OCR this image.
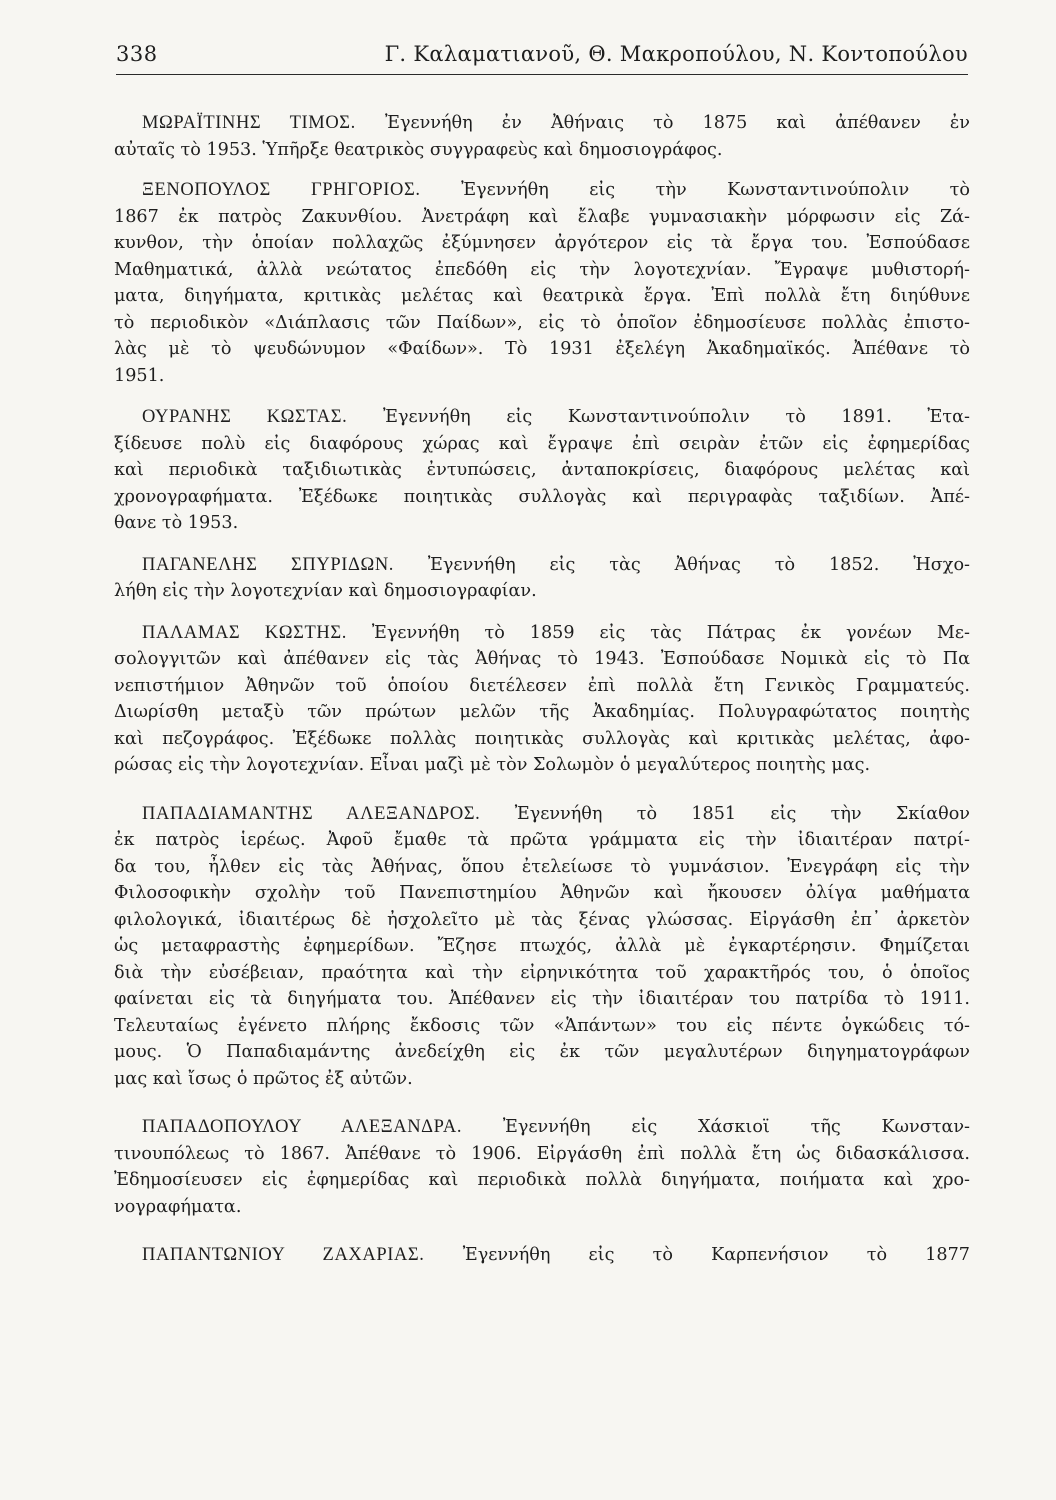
338	Γ. Καλαματιανοῦ, Θ. Μακροπούλου, Ν. Κοντοπούλου
ΜΩΡΑΪΤΙΝΗΣ ΤΙΜΟΣ. Ἐγεννήθη ἐν Ἀθήναις τὸ 1875 καὶ ἀπέθανεν ἐν
αὐταῖς τὸ 1953. Ὑπῆρξε θεατρικὸς συγγραφεὺς καὶ δημοσιογράφος.
ΞΕΝΟΠΟΥΛΟΣ ΓΡΗΓΟΡΙΟΣ. Ἐγεννήθη εἰς τὴν Κωνσταντινούπολιν τὸ
1867 ἐκ πατρὸς Ζακυνθίου. Ἀνετράφη καὶ ἔλαβε γυμνασιακὴν μόρφωσιν εἰς Ζά-
κυνθον, τὴν ὁποίαν πολλαχῶς ἐξύμνησεν ἀργότερον εἰς τὰ ἔργα του. Ἐσπούδασε
Μαθηματικά, ἀλλὰ νεώτατος ἐπεδόθη εἰς τὴν λογοτεχνίαν. Ἔγραψε μυθιστορή-
ματα, διηγήματα, κριτικὰς μελέτας καὶ θεατρικὰ ἔργα. Ἐπὶ πολλὰ ἔτη διηύθυνε
τὸ περιοδικὸν «Διάπλασις τῶν Παίδων», εἰς τὸ ὁποῖον ἐδημοσίευσε πολλὰς ἐπιστο-
λὰς μὲ τὸ ψευδώνυμον «Φαίδων». Τὸ 1931 ἐξελέγη Ἀκαδημαϊκός. Ἀπέθανε τὸ
1951.
ΟΥΡΑΝΗΣ ΚΩΣΤΑΣ. Ἐγεννήθη εἰς Κωνσταντινούπολιν τὸ 1891. Ἐτα-
ξίδευσε πολὺ εἰς διαφόρους χώρας καὶ ἔγραψε ἐπὶ σειρὰν ἐτῶν εἰς ἐφημερίδας
καὶ περιοδικὰ ταξιδιωτικὰς ἐντυπώσεις, ἀνταποκρίσεις, διαφόρους μελέτας καὶ
χρονογραφήματα. Ἐξέδωκε ποιητικὰς συλλογὰς καὶ περιγραφὰς ταξιδίων. Ἀπέ-
θανε τὸ 1953.
ΠΑΓΑΝΕΛΗΣ ΣΠΥΡΙΔΩΝ. Ἐγεννήθη εἰς τὰς Ἀθήνας τὸ 1852. Ἠσχο-
λήθη εἰς τὴν λογοτεχνίαν καὶ δημοσιογραφίαν.
ΠΑΛΑΜΑΣ ΚΩΣΤΗΣ. Ἐγεννήθη τὸ 1859 εἰς τὰς Πάτρας ἐκ γονέων Με-
σολογγιτῶν καὶ ἀπέθανεν εἰς τὰς Ἀθήνας τὸ 1943. Ἐσπούδασε Νομικὰ εἰς τὸ Πα
νεπιστήμιον Ἀθηνῶν τοῦ ὁποίου διετέλεσεν ἐπὶ πολλὰ ἔτη Γενικὸς Γραμματεύς.
Διωρίσθη μεταξὺ τῶν πρώτων μελῶν τῆς Ἀκαδημίας. Πολυγραφώτατος ποιητὴς
καὶ πεζογράφος. Ἐξέδωκε πολλὰς ποιητικὰς συλλογὰς καὶ κριτικὰς μελέτας, ἀφο-
ρώσας εἰς τὴν λογοτεχνίαν. Εἶναι μαζὶ μὲ τὸν Σολωμὸν ὁ μεγαλύτερος ποιητὴς μας.
ΠΑΠΑΔΙΑΜΑΝΤΗΣ ΑΛΕΞΑΝΔΡΟΣ. Ἐγεννήθη τὸ 1851 εἰς τὴν Σκίαθον
ἐκ πατρὸς ἱερέως. Ἀφοῦ ἔμαθε τὰ πρῶτα γράμματα εἰς τὴν ἰδιαιτέραν πατρί-
δα του, ἦλθεν εἰς τὰς Ἀθήνας, ὅπου ἐτελείωσε τὸ γυμνάσιον. Ἐνεγράφη εἰς τὴν
Φιλοσοφικὴν σχολὴν τοῦ Πανεπιστημίου Ἀθηνῶν καὶ ἤκουσεν ὀλίγα μαθήματα
φιλολογικά, ἰδιαιτέρως δὲ ἠσχολεῖτο μὲ τὰς ξένας γλώσσας. Εἰργάσθη ἐπ᾽ ἀρκετὸν
ὡς μεταφραστὴς ἐφημερίδων. Ἔζησε πτωχός, ἀλλὰ μὲ ἐγκαρτέρησιν. Φημίζεται
διὰ τὴν εὐσέβειαν, πραότητα καὶ τὴν εἰρηνικότητα τοῦ χαρακτῆρός του, ὁ ὁποῖος
φαίνεται εἰς τὰ διηγήματα του. Ἀπέθανεν εἰς τὴν ἰδιαιτέραν του πατρίδα τὸ 1911.
Τελευταίως ἐγένετο πλήρης ἔκδοσις τῶν «Ἁπάντων» του εἰς πέντε ὀγκώδεις τό-
μους. Ὁ Παπαδιαμάντης ἀνεδείχθη εἰς ἐκ τῶν μεγαλυτέρων διηγηματογράφων
μας καὶ ἴσως ὁ πρῶτος ἐξ αὐτῶν.
ΠΑΠΑΔΟΠΟΥΛΟΥ ΑΛΕΞΑΝΔΡΑ. Ἐγεννήθη εἰς Χάσκιοϊ τῆς Κωνσταν-
τινουπόλεως τὸ 1867. Ἀπέθανε τὸ 1906. Εἰργάσθη ἐπὶ πολλὰ ἔτη ὡς διδασκάλισσα.
Ἐδημοσίευσεν εἰς ἐφημερίδας καὶ περιοδικὰ πολλὰ διηγήματα, ποιήματα καὶ χρο-
νογραφήματα.
ΠΑΠΑΝΤΩΝΙΟΥ ΖΑΧΑΡΙΑΣ. Ἐγεννήθη εἰς τὸ Καρπενήσιον τὸ 1877
